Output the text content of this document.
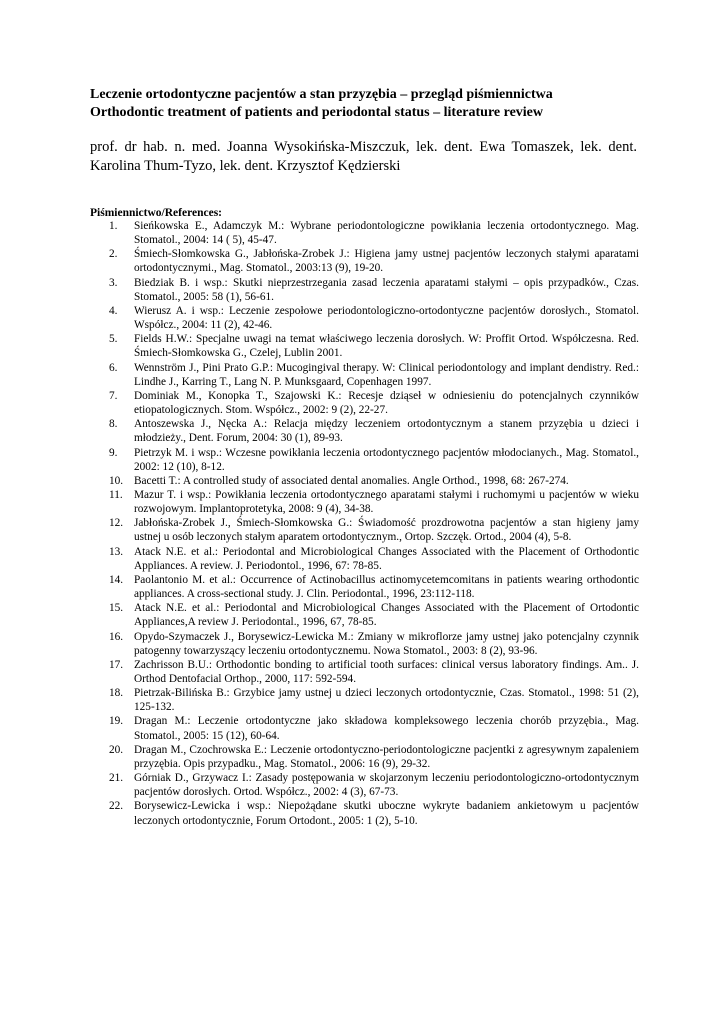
Leczenie ortodontyczne pacjentów a stan przyzębia – przegląd piśmiennictwa
Orthodontic treatment of patients and periodontal status – literature review
prof. dr hab. n. med. Joanna Wysokińska-Miszczuk, lek. dent. Ewa Tomaszek, lek. dent. Karolina Thum-Tyzo, lek. dent. Krzysztof Kędzierski
Piśmiennictwo/References:
1.	Sieńkowska E., Adamczyk M.: Wybrane periodontologiczne powikłania leczenia ortodontycznego. Mag. Stomatol., 2004: 14 ( 5), 45-47.
2.	Śmiech-Słomkowska G., Jabłońska-Zrobek J.: Higiena jamy ustnej pacjentów leczonych stałymi aparatami ortodontycznymi., Mag. Stomatol., 2003:13 (9), 19-20.
3.	Biedziak B. i wsp.: Skutki nieprzestrzegania zasad leczenia aparatami stałymi – opis przypadków., Czas. Stomatol., 2005: 58 (1), 56-61.
4.	Wierusz A. i wsp.: Leczenie zespołowe periodontologiczno-ortodontyczne pacjentów dorosłych., Stomatol. Współcz., 2004: 11 (2), 42-46.
5.	Fields H.W.: Specjalne uwagi na temat właściwego leczenia dorosłych. W: Proffit Ortod. Współczesna. Red. Śmiech-Słomkowska G., Czelej, Lublin 2001.
6.	Wennström J., Pini Prato G.P.: Mucogingival therapy. W: Clinical periodontology and implant dendistry. Red.: Lindhe J., Karring T., Lang N. P. Munksgaard, Copenhagen 1997.
7.	Dominiak M., Konopka T., Szajowski K.: Recesje dziąseł w odniesieniu do potencjalnych czynników etiopatologicznych. Stom. Współcz., 2002: 9 (2), 22-27.
8.	Antoszewska J., Nęcka A.: Relacja między leczeniem ortodontycznym a stanem przyzębia u dzieci i młodzieży., Dent. Forum, 2004: 30 (1), 89-93.
9.	Pietrzyk M. i wsp.: Wczesne powikłania leczenia ortodontycznego pacjentów młodocianych., Mag. Stomatol., 2002: 12 (10), 8-12.
10. Bacetti T.: A controlled study of associated dental anomalies. Angle Orthod., 1998, 68: 267-274.
11. Mazur T. i wsp.: Powikłania leczenia ortodontycznego aparatami stałymi i ruchomymi u pacjentów w wieku rozwojowym. Implantoprotetyka, 2008: 9 (4), 34-38.
12. Jabłońska-Zrobek J., Śmiech-Słomkowska G.: Świadomość prozdrowotna pacjentów a stan higieny jamy ustnej u osób leczonych stałym aparatem ortodontycznym., Ortop. Szczęk. Ortod., 2004 (4), 5-8.
13. Atack N.E. et al.: Periodontal and Microbiological Changes Associated with the Placement of Orthodontic Appliances. A review. J. Periodontol., 1996, 67: 78-85.
14. Paolantonio M. et al.: Occurrence of Actinobacillus actinomycetemcomitans in patients wearing orthodontic appliances. A cross-sectional study. J. Clin. Periodontal., 1996, 23:112-118.
15. Atack N.E. et al.: Periodontal and Microbiological Changes Associated with the Placement of Ortodontic Appliances,A review J. Periodontal., 1996, 67, 78-85.
16. Opydo-Szymaczek J., Borysewicz-Lewicka M.: Zmiany w mikroflorze jamy ustnej jako potencjalny czynnik patogenny towarzyszący leczeniu ortodontycznemu. Nowa Stomatol., 2003: 8 (2), 93-96.
17. Zachrisson B.U.: Orthodontic bonding to artificial tooth surfaces: clinical versus laboratory findings. Am.. J. Orthod Dentofacial Orthop., 2000, 117: 592-594.
18. Pietrzak-Bilińska B.: Grzybice jamy ustnej u dzieci leczonych ortodontycznie, Czas. Stomatol., 1998: 51 (2), 125-132.
19. Dragan M.: Leczenie ortodontyczne jako składowa kompleksowego leczenia chorób przyzębia., Mag. Stomatol., 2005: 15 (12), 60-64.
20. Dragan M., Czochrowska E.: Leczenie ortodontyczno-periodontologiczne pacjentki z agresywnym zapaleniem przyzębia. Opis przypadku., Mag. Stomatol., 2006: 16 (9), 29-32.
21. Górniak D., Grzywacz I.: Zasady postępowania w skojarzonym leczeniu periodontologiczno-ortodontycznym pacjentów dorosłych. Ortod. Współcz., 2002: 4 (3), 67-73.
22. Borysewicz-Lewicka i wsp.: Niepożądane skutki uboczne wykryte badaniem ankietowym u pacjentów leczonych ortodontycznie, Forum Ortodont., 2005: 1 (2), 5-10.
